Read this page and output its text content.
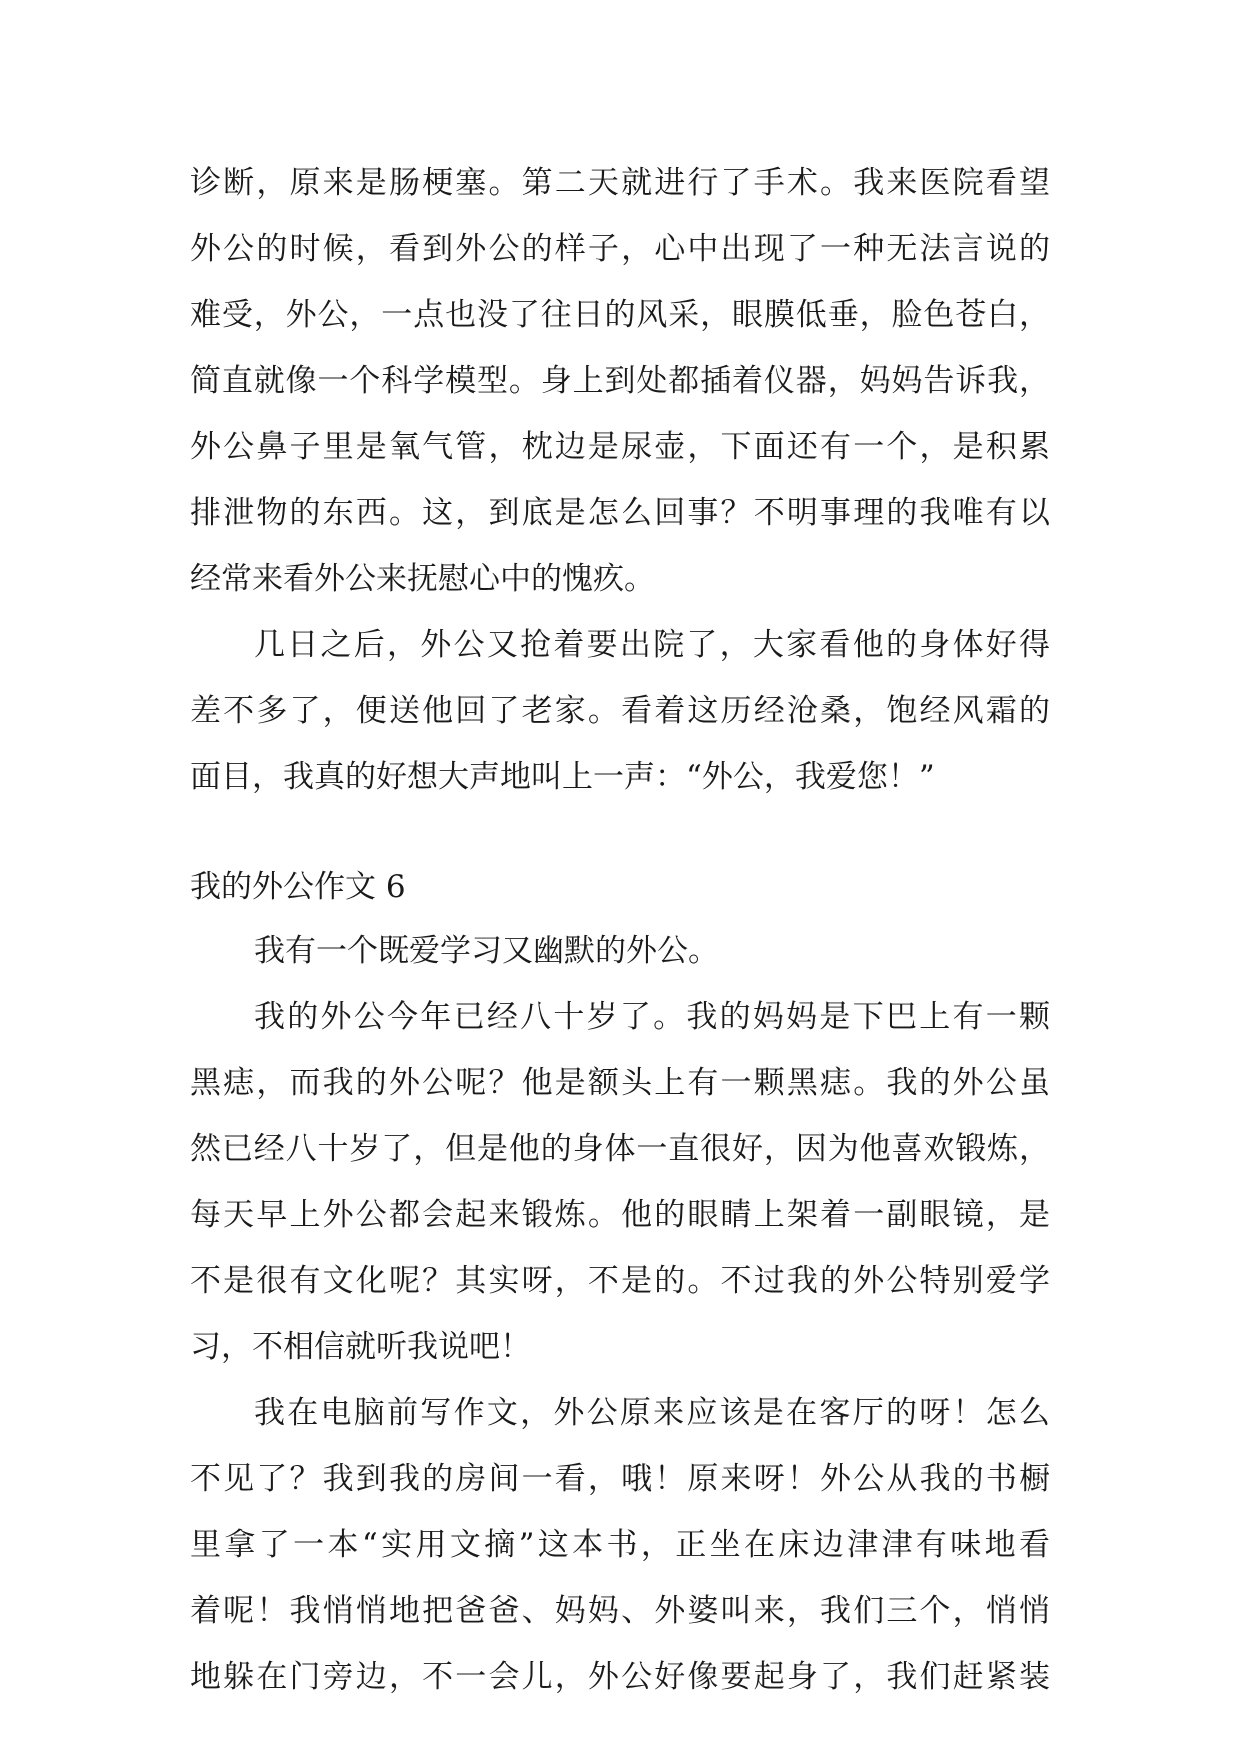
诊断，原来是肠梗塞。第二天就进行了手术。我来医院看望
外公的时候，看到外公的样子，心中出现了一种无法言说的
难受，外公，一点也没了往日的风采，眼膜低垂，脸色苍白，
简直就像一个科学模型。身上到处都插着仪器，妈妈告诉我，
外公鼻子里是氧气管，枕边是尿壶，下面还有一个，是积累
排泄物的东西。这，到底是怎么回事？不明事理的我唯有以
经常来看外公来抚慰心中的愧疚。
几日之后，外公又抢着要出院了，大家看他的身体好得
差不多了，便送他回了老家。看着这历经沧桑，饱经风霜的
面目，我真的好想大声地叫上一声：“外公，我爱您！”
我的外公作文 6
我有一个既爱学习又幽默的外公。
我的外公今年已经八十岁了。我的妈妈是下巴上有一颗
黑痣，而我的外公呢？他是额头上有一颗黑痣。我的外公虽
然已经八十岁了，但是他的身体一直很好，因为他喜欢锻炼，
每天早上外公都会起来锻炼。他的眼睛上架着一副眼镜，是
不是很有文化呢？其实呀，不是的。不过我的外公特别爱学
习，不相信就听我说吧！
我在电脑前写作文，外公原来应该是在客厅的呀！怎么
不见了？我到我的房间一看，哦！原来呀！外公从我的书橱
里拿了一本“实用文摘”这本书，正坐在床边津津有味地看
着呢！我悄悄地把爸爸、妈妈、外婆叫来，我们三个，悄悄
地躲在门旁边，不一会儿，外公好像要起身了，我们赶紧装
